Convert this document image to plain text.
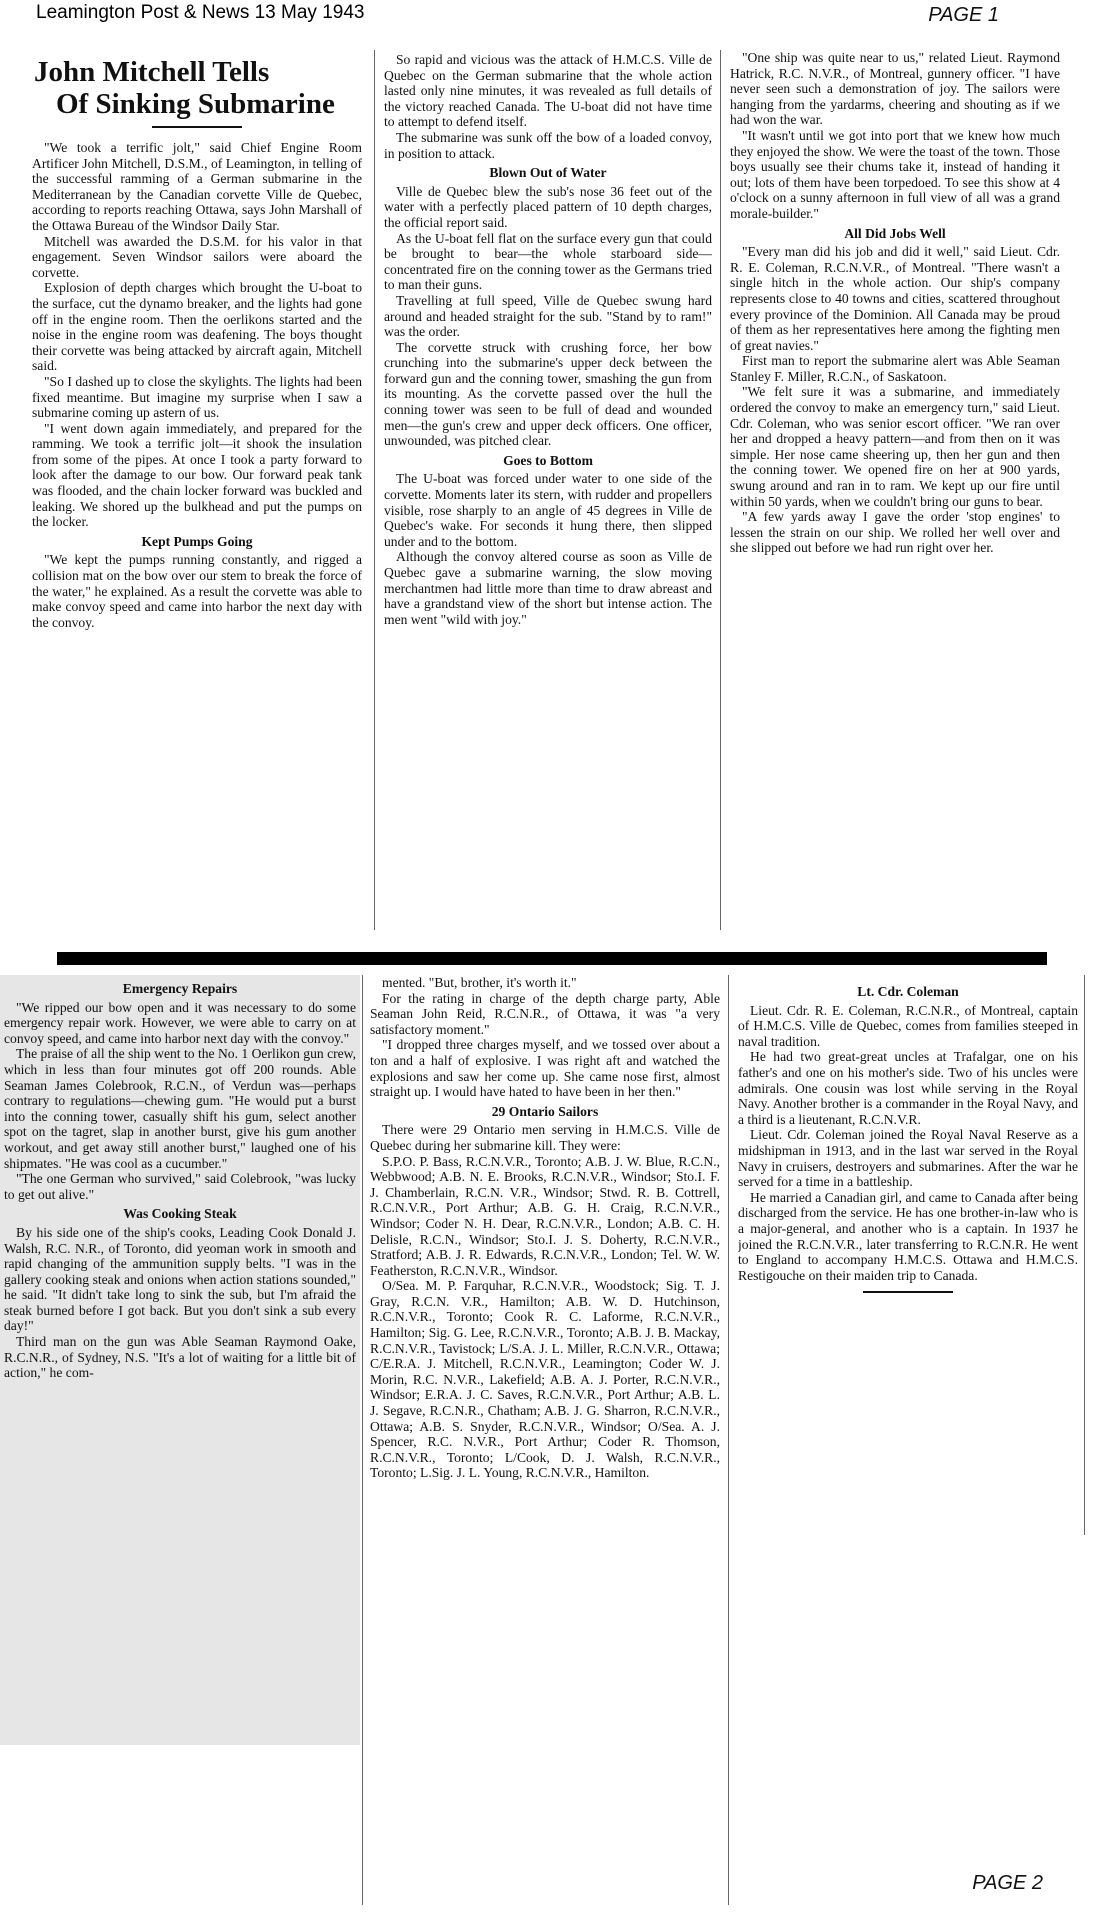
Leamington Post & News 13 May 1943	PAGE 1
John Mitchell Tells
Of Sinking Submarine

"We took a terrific jolt," said Chief Engine Room Artificer John Mitchell, D.S.M., of Leamington, in telling of the successful ramming of a German submarine in the Mediterranean by the Canadian corvette Ville de Quebec, according to reports reaching Ottawa, says John Marshall of the Ottawa Bureau of the Windsor Daily Star.

Mitchell was awarded the D.S.M. for his valor in that engagement. Seven Windsor sailors were aboard the corvette.

Explosion of depth charges which brought the U-boat to the surface, cut the dynamo breaker, and the lights had gone off in the engine room. Then the oerlikons started and the noise in the engine room was deafening. The boys thought their corvette was being attacked by aircraft again, Mitchell said.

"So I dashed up to close the skylights. The lights had been fixed meantime. But imagine my surprise when I saw a submarine coming up astern of us.

"I went down again immediately, and prepared for the ramming. We took a terrific jolt—it shook the insulation from some of the pipes. At once I took a party forward to look after the damage to our bow. Our forward peak tank was flooded, and the chain locker forward was buckled and leaking. We shored up the bulkhead and put the pumps on the locker.

Kept Pumps Going

"We kept the pumps running constantly, and rigged a collision mat on the bow over our stem to break the force of the water," he explained. As a result the corvette was able to make convoy speed and came into harbor the next day with the convoy.

So rapid and vicious was the attack of H.M.C.S. Ville de Quebec on the German submarine that the whole action lasted only nine minutes, it was revealed as full details of the victory reached Canada. The U-boat did not have time to attempt to defend itself.

The submarine was sunk off the bow of a loaded convoy, in position to attack.

Blown Out of Water

Ville de Quebec blew the sub's nose 36 feet out of the water with a perfectly placed pattern of 10 depth charges, the official report said.

As the U-boat fell flat on the surface every gun that could be brought to bear—the whole starboard side—concentrated fire on the conning tower as the Germans tried to man their guns.

Travelling at full speed, Ville de Quebec swung hard around and headed straight for the sub. "Stand by to ram!" was the order.

The corvette struck with crushing force, her bow crunching into the submarine's upper deck between the forward gun and the conning tower, smashing the gun from its mounting. As the corvette passed over the hull the conning tower was seen to be full of dead and wounded men—the gun's crew and upper deck officers. One officer, unwounded, was pitched clear.

Goes to Bottom

The U-boat was forced under water to one side of the corvette. Moments later its stern, with rudder and propellers visible, rose sharply to an angle of 45 degrees in Ville de Quebec's wake. For seconds it hung there, then slipped under and to the bottom.

Although the convoy altered course as soon as Ville de Quebec gave a submarine warning, the slow moving merchantmen had little more than time to draw abreast and have a grandstand view of the short but intense action. The men went "wild with joy."

"One ship was quite near to us," related Lieut. Raymond Hatrick, R.C. N.V.R., of Montreal, gunnery officer. "I have never seen such a demonstration of joy. The sailors were hanging from the yardarms, cheering and shouting as if we had won the war.

"It wasn't until we got into port that we knew how much they enjoyed the show. We were the toast of the town. Those boys usually see their chums take it, instead of handing it out; lots of them have been torpedoed. To see this show at 4 o'clock on a sunny afternoon in full view of all was a grand morale-builder."

All Did Jobs Well

"Every man did his job and did it well," said Lieut. Cdr. R. E. Coleman, R.C.N.V.R., of Montreal. "There wasn't a single hitch in the whole action. Our ship's company represents close to 40 towns and cities, scattered throughout every province of the Dominion. All Canada may be proud of them as her representatives here among the fighting men of great navies."

First man to report the submarine alert was Able Seaman Stanley F. Miller, R.C.N., of Saskatoon.

"We felt sure it was a submarine, and immediately ordered the convoy to make an emergency turn," said Lieut. Cdr. Coleman, who was senior escort officer. "We ran over her and dropped a heavy pattern—and from then on it was simple. Her nose came sheering up, then her gun and then the conning tower. We opened fire on her at 900 yards, swung around and ran in to ram. We kept up our fire until within 50 yards, when we couldn't bring our guns to bear.

"A few yards away I gave the order 'stop engines' to lessen the strain on our ship. We rolled her well over and she slipped out before we had run right over her.

Emergency Repairs

"We ripped our bow open and it was necessary to do some emergency repair work. However, we were able to carry on at convoy speed, and came into harbor next day with the convoy."

The praise of all the ship went to the No. 1 Oerlikon gun crew, which in less than four minutes got off 200 rounds. Able Seaman James Colebrook, R.C.N., of Verdun was—perhaps contrary to regulations—chewing gum. "He would put a burst into the conning tower, casually shift his gum, select another spot on the tagret, slap in another burst, give his gum another workout, and get away still another burst," laughed one of his shipmates. "He was cool as a cucumber."

"The one German who survived," said Colebrook, "was lucky to get out alive."

Was Cooking Steak

By his side one of the ship's cooks, Leading Cook Donald J. Walsh, R.C. N.R., of Toronto, did yeoman work in smooth and rapid changing of the ammunition supply belts. "I was in the gallery cooking steak and onions when action stations sounded," he said. "It didn't take long to sink the sub, but I'm afraid the steak burned before I got back. But you don't sink a sub every day!"

Third man on the gun was Able Seaman Raymond Oake, R.C.N.R., of Sydney, N.S. "It's a lot of waiting for a little bit of action," he com-

mented. "But, brother, it's worth it."

For the rating in charge of the depth charge party, Able Seaman John Reid, R.C.N.R., of Ottawa, it was "a very satisfactory moment."

"I dropped three charges myself, and we tossed over about a ton and a half of explosive. I was right aft and watched the explosions and saw her come up. She came nose first, almost straight up. I would have hated to have been in her then."

29 Ontario Sailors

There were 29 Ontario men serving in H.M.C.S. Ville de Quebec during her submarine kill. They were:

S.P.O. P. Bass, R.C.N.V.R., Toronto; A.B. J. W. Blue, R.C.N., Webbwood; A.B. N. E. Brooks, R.C.N.V.R., Windsor; Sto.I. F. J. Chamberlain, R.C.N. V.R., Windsor; Stwd. R. B. Cottrell, R.C.N.V.R., Port Arthur; A.B. G. H. Craig, R.C.N.V.R., Windsor; Coder N. H. Dear, R.C.N.V.R., London; A.B. C. H. Delisle, R.C.N., Windsor; Sto.I. J. S. Doherty, R.C.N.V.R., Stratford; A.B. J. R. Edwards, R.C.N.V.R., London; Tel. W. W. Featherston, R.C.N.V.R., Windsor.

O/Sea. M. P. Farquhar, R.C.N.V.R., Woodstock; Sig. T. J. Gray, R.C.N. V.R., Hamilton; A.B. W. D. Hutchinson, R.C.N.V.R., Toronto; Cook R. C. Laforme, R.C.N.V.R., Hamilton; Sig. G. Lee, R.C.N.V.R., Toronto; A.B. J. B. Mackay, R.C.N.V.R., Tavistock; L/S.A. J. L. Miller, R.C.N.V.R., Ottawa; C/E.R.A. J. Mitchell, R.C.N.V.R., Leamington; Coder W. J. Morin, R.C. N.V.R., Lakefield; A.B. A. J. Porter, R.C.N.V.R., Windsor; E.R.A. J. C. Saves, R.C.N.V.R., Port Arthur; A.B. L. J. Segave, R.C.N.R., Chatham; A.B. J. G. Sharron, R.C.N.V.R., Ottawa; A.B. S. Snyder, R.C.N.V.R., Windsor; O/Sea. A. J. Spencer, R.C. N.V.R., Port Arthur; Coder R. Thomson, R.C.N.V.R., Toronto; L/Cook, D. J. Walsh, R.C.N.V.R., Toronto; L.Sig. J. L. Young, R.C.N.V.R., Hamilton.

Lt. Cdr. Coleman

Lieut. Cdr. R. E. Coleman, R.C.N.R., of Montreal, captain of H.M.C.S. Ville de Quebec, comes from families steeped in naval tradition.

He had two great-great uncles at Trafalgar, one on his father's and one on his mother's side. Two of his uncles were admirals. One cousin was lost while serving in the Royal Navy. Another brother is a commander in the Royal Navy, and a third is a lieutenant, R.C.N.V.R.

Lieut. Cdr. Coleman joined the Royal Naval Reserve as a midshipman in 1913, and in the last war served in the Royal Navy in cruisers, destroyers and submarines. After the war he served for a time in a battleship.

He married a Canadian girl, and came to Canada after being discharged from the service. He has one brother-in-law who is a major-general, and another who is a captain. In 1937 he joined the R.C.N.V.R., later transferring to R.C.N.R. He went to England to accompany H.M.C.S. Ottawa and H.M.C.S. Restigouche on their maiden trip to Canada.

PAGE 2
